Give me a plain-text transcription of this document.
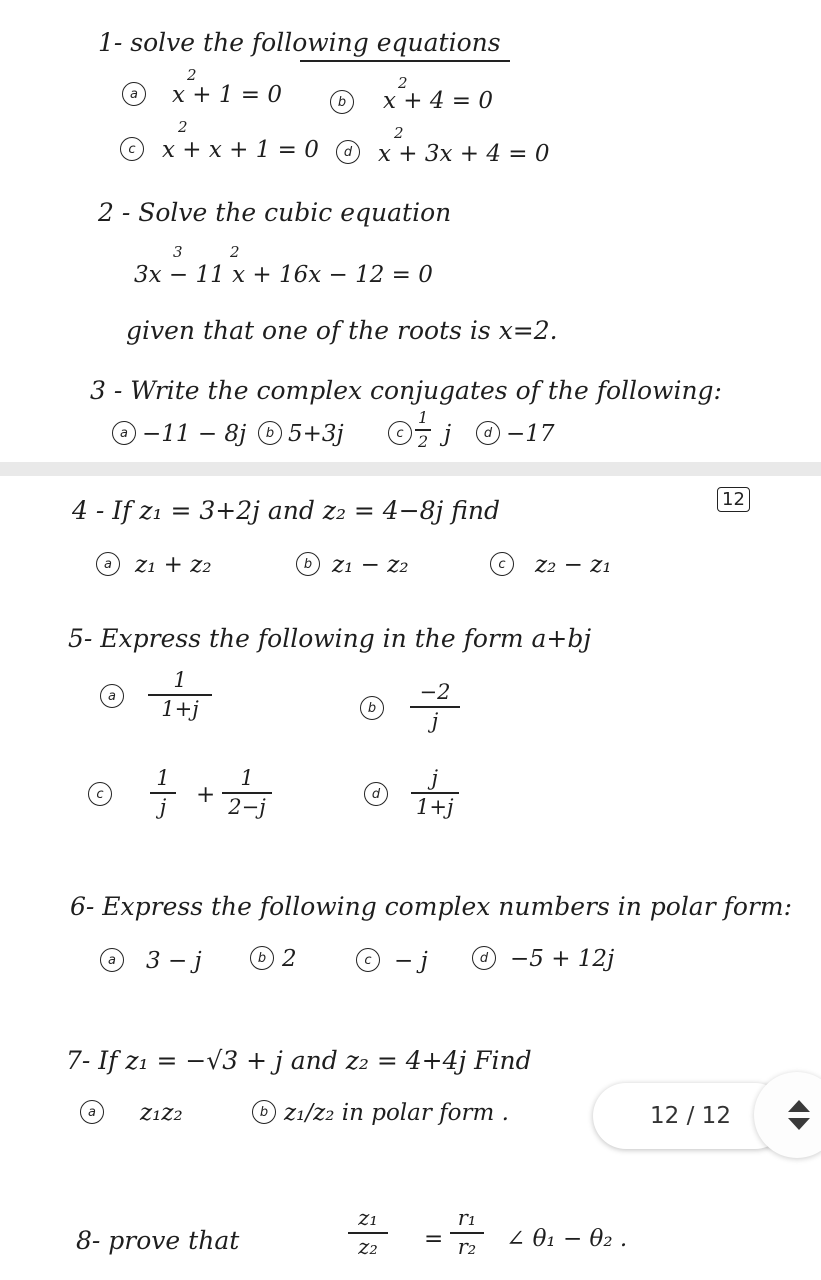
1- solve the following equations
a
2
x + 1 = 0	b
2
x + 4 = 0
c
2
x + x + 1 = 0	d
2
x + 3x + 4 = 0
2 - Solve the cubic equation
3	2
3x − 11 x + 16x − 12 = 0
given that one of the roots is x=2.
3 - Write the complex conjugates of the following:
a −11 − 8j	b 5+3j	c
1
2 j	d −17
12
4 - If z₁ = 3+2j and z₂ = 4−8j find
a	z₁ + z₂	b z₁ − z₂	c	z₂ − z₁
5- Express the following in the form a+bj
a
1
1+j	b
−2
j
c
1
j +
1
2−j
d
j
1+j
6- Express the following complex numbers in polar form:
a	3 − j	b 2	c − j	d −5 + 12j
7- If z₁ = −√3 + j and z₂ = 4+4j Find
a	z₁z₂	b z₁/z₂ in polar form .
8- prove that
z₁
z₂ =
r₁
r₂ ∠ θ₁ − θ₂ .
12 / 12
